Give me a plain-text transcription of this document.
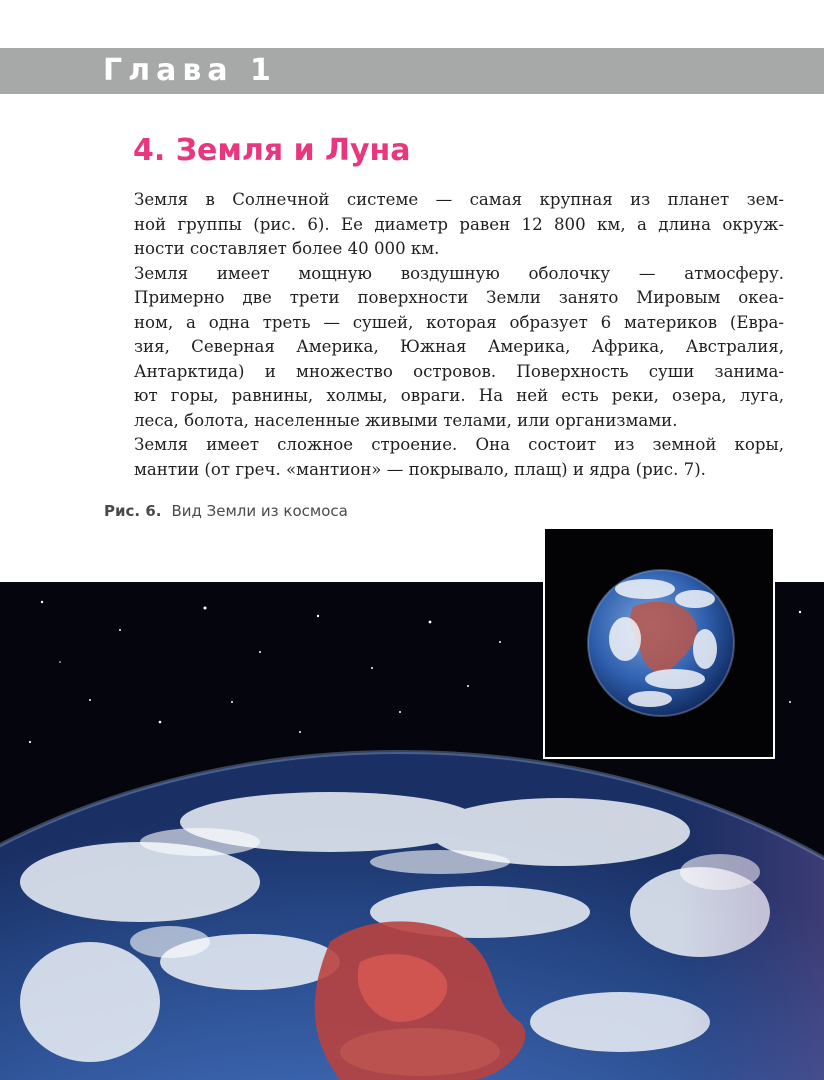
Глава 1
4. Земля и Луна

Земля в Солнечной системе — самая крупная из планет зем-
ной группы (рис. 6). Ее диаметр равен 12 800 км, а длина окруж-
ности составляет более 40 000 км.

Земля имеет мощную воздушную оболочку — атмосферу.
Примерно две трети поверхности Земли занято Мировым океа-
ном, а одна треть — сушей, которая образует 6 материков (Евра-
зия, Северная Америка, Южная Америка, Африка, Австралия,
Антарктида) и множество островов. Поверхность суши занима-
ют горы, равнины, холмы, овраги. На ней есть реки, озера, луга,
леса, болота, населенные живыми телами, или организмами.

Земля имеет сложное строение. Она состоит из земной коры,
мантии (от греч. «мантион» — покрывало, плащ) и ядра (рис. 7).

Рис. 6. Вид Земли из космоса
